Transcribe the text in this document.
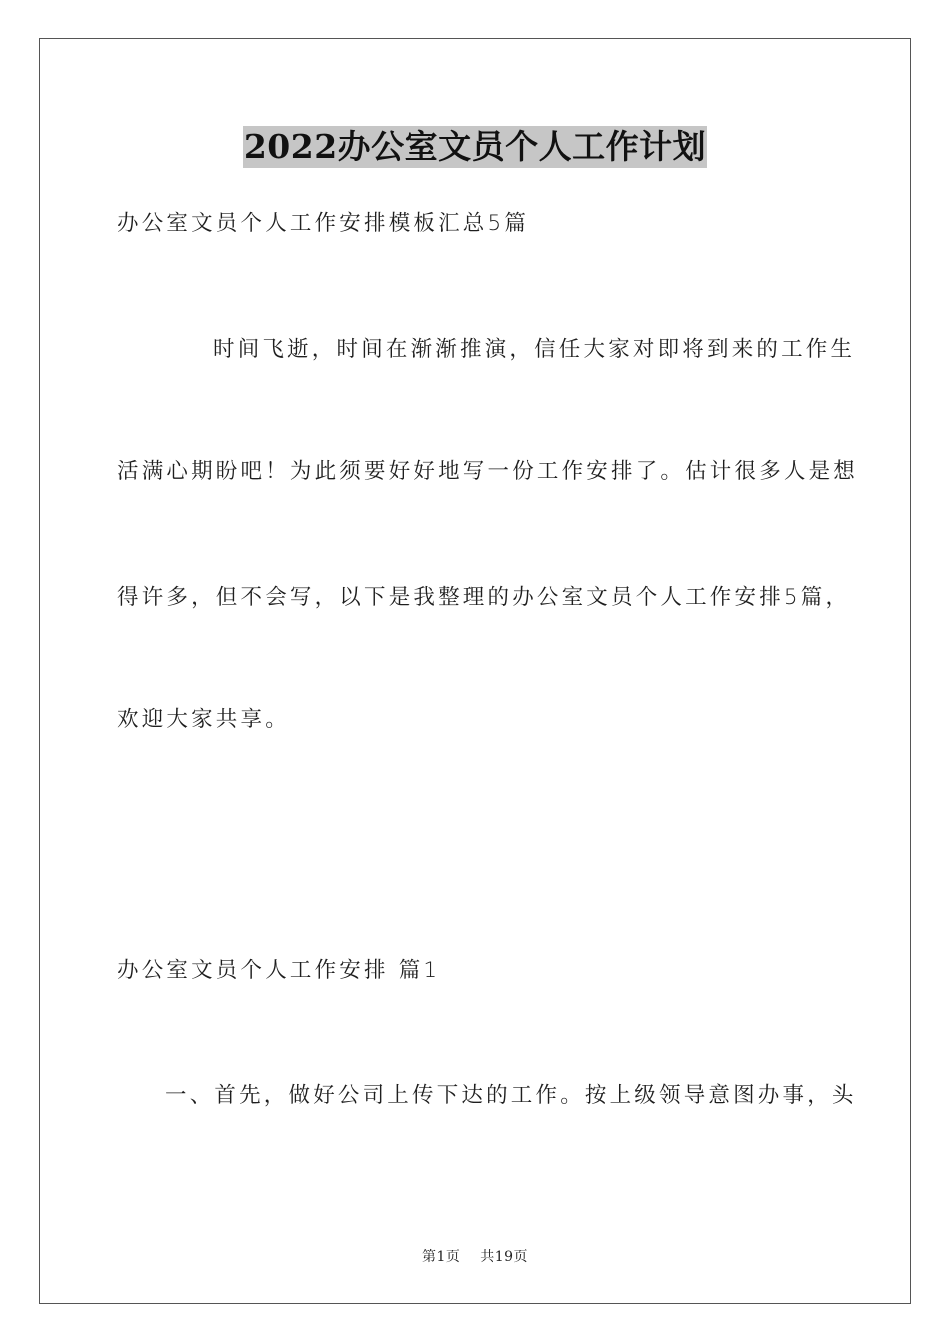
2022办公室文员个人工作计划
办公室文员个人工作安排模板汇总5篇
时间飞逝，时间在渐渐推演，信任大家对即将到来的工作生
活满心期盼吧！为此须要好好地写一份工作安排了。估计很多人是想
得许多，但不会写，以下是我整理的办公室文员个人工作安排5篇，
欢迎大家共享。
办公室文员个人工作安排 篇1
一、首先，做好公司上传下达的工作。按上级领导意图办事，头
第1页 共19页
